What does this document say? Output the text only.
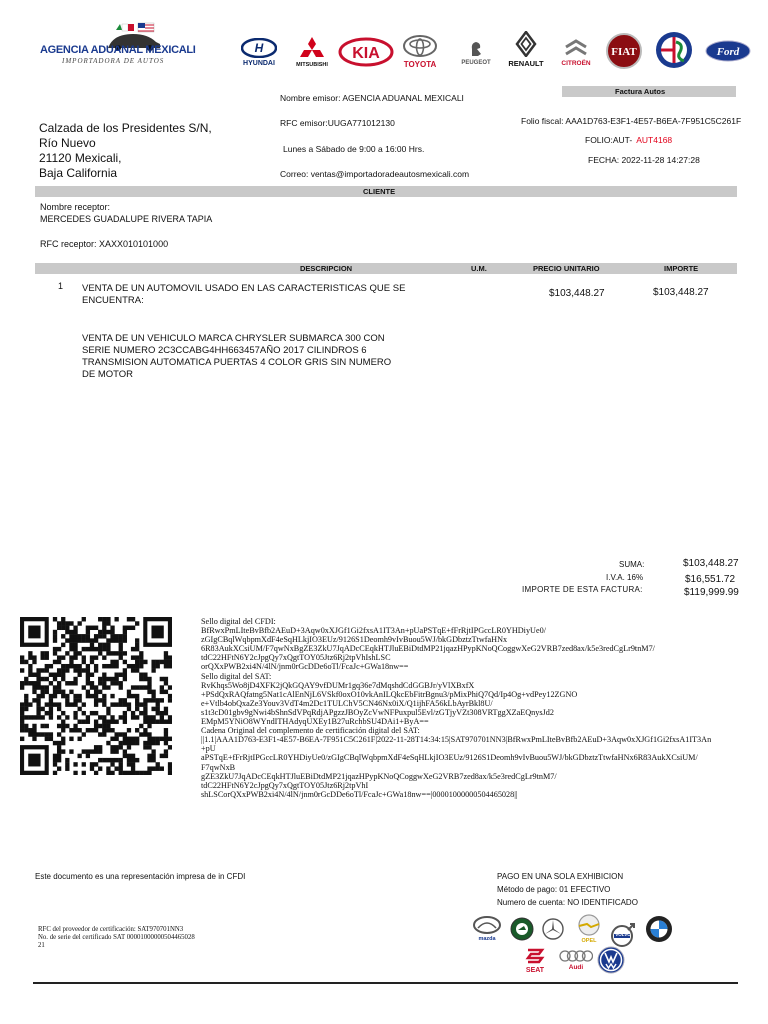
AGENCIA ADUANAL MEXICALI
IMPORTADORA DE AUTOS
H
HYUNDAI	MITSUBISHI
KIA
TOYOTA	PEUGEOT RENAULT	CITROËN
FIAT	Ford
Nombre emisor: AGENCIA ADUANAL MEXICALI
RFC emisor:UUGA771012130
Lunes a Sábado de 9:00 a 16:00 Hrs.
Correo: ventas@importadoradeautosmexicali.com
Calzada de los Presidentes S/N,
Río Nuevo
21120 Mexicali,
Baja California
Factura Autos
Folio fiscal: AAA1D763-E3F1-4E57-B6EA-7F951C5C261F
FOLIO:AUT- AUT4168
FECHA: 2022-11-28 14:27:28
CLIENTE
Nombre receptor:
MERCEDES GUADALUPE RIVERA TAPIA
RFC receptor: XAXX010101000
DESCRIPCION	U.M.	PRECIO UNITARIO	IMPORTE
1 VENTA DE UN AUTOMOVIL USADO EN LAS CARACTERISTICAS QUE SE
ENCUENTRA:
VENTA DE UN VEHICULO MARCA CHRYSLER SUBMARCA 300 CON
SERIE NUMERO 2C3CCABG4HH663457AÑO 2017 CILINDROS 6
TRANSMISION AUTOMATICA PUERTAS 4 COLOR GRIS SIN NUMERO
DE MOTOR
$103,448.27	$103,448.27
SUMA:	$103,448.27
I.V.A. 16%	$16,551.72
IMPORTE DE ESTA FACTURA:	$119,999.99
Sello digital del CFDI:
BfRwxPmLIteBvBfb2AEuD+3Aqw0xXJGf1Gi2fxsA1IT3An+pUaPSTqE+fFrRjtIPGccLR0YHDiyUe0/
zGIgCBqlWqbpmXdF4eSqHLkjIO3EUz/9126S1Deomh9vIvBuou5WJ/bkGDbztzTtwfaHNx
6R83AukXCsiUM/F7qwNxBgZE3ZkU7JqADcCEqkHTJluEBiDtdMP21jqazHPypKNoQCoggwXeG2VRB7zed8ax/k5e3redCgLr9tnM7/
tdC22HFtN6Y2cJpgQy7xQgtTOY05Jtz6Rj2tpVhIshLSC
orQXxPWB2xi4N/4lN/jnm0rGcDDe6oTl/FcaJc+GWa18nw==
Sello digital del SAT:
RvKhqs5Wo8jD4XFK2jQkGQAY9vfDUMr1gq36e7dMqshdCdGGBJr/yVlXBxfX
+PSdQxRAQfatng5Nat1cAlEnNjL6VSkf0oxO10vkAnILQkcEbFitrBgnu3/pMixPhiQ7Qd/Ip4Og+vdPey12ZGNO
e+Vtlb4obQxaZe3Youv3VdT4m2Dc1TULChV5CN46Nx0iX/Q1ijhFA56kLbAyrBkl8U/
s1t3cD01gbv9gNwi4bShnSdVPqRdjAPgzzJBOyZcVwNFPuxpul5Evl/zGTjyVZt308VRTggXZaEQnysJd2
EMpM5YNiO8WYndITHAdyqUXEy1B27uRchbSU4DAi1+ByA==
Cadena Original del complemento de certificación digital del SAT:
||1.1|AAA1D763-E3F1-4E57-B6EA-7F951C5C261F|2022-11-28T14:34:15|SAT970701NN3|BfRwxPmLIteBvBfb2AEuD+3Aqw0xXJGf1Gi2fxsA1IT3An
+pU
aPSTqE+fFrRjtIPGccLR0YHDiyUe0/zGIgCBqlWqbpmXdF4eSqHLkjIO3EUz/9126S1Deomh9vIvBuou5WJ/bkGDbztzTtwfaHNx6R83AukXCsiUM/
F7qwNxB
gZE3ZkU7JqADcCEqkHTJluEBiDtdMP21jqazHPypKNoQCoggwXeG2VRB7zed8ax/k5e3redCgLr9tnM7/
tdC22HFtN6Y2cJpgQy7xQgtTOY05Jtz6Rj2tpVhI
shLSCorQXxPWB2xi4N/4lN/jnm0rGcDDe6oTl/FcaJc+GWa18nw==|00001000000504465028||
Este documento es una representación impresa de in CFDI	PAGO EN UNA SOLA EXHIBICION
Método de pago: 01 EFECTIVO
Numero de cuenta: NO IDENTIFICADO
RFC del proveedor de certificación: SAT970701NN3
No. de serie del certificado SAT 00001000000504465028
21
mazda	OPEL
VOLVO
SEAT	Audi
